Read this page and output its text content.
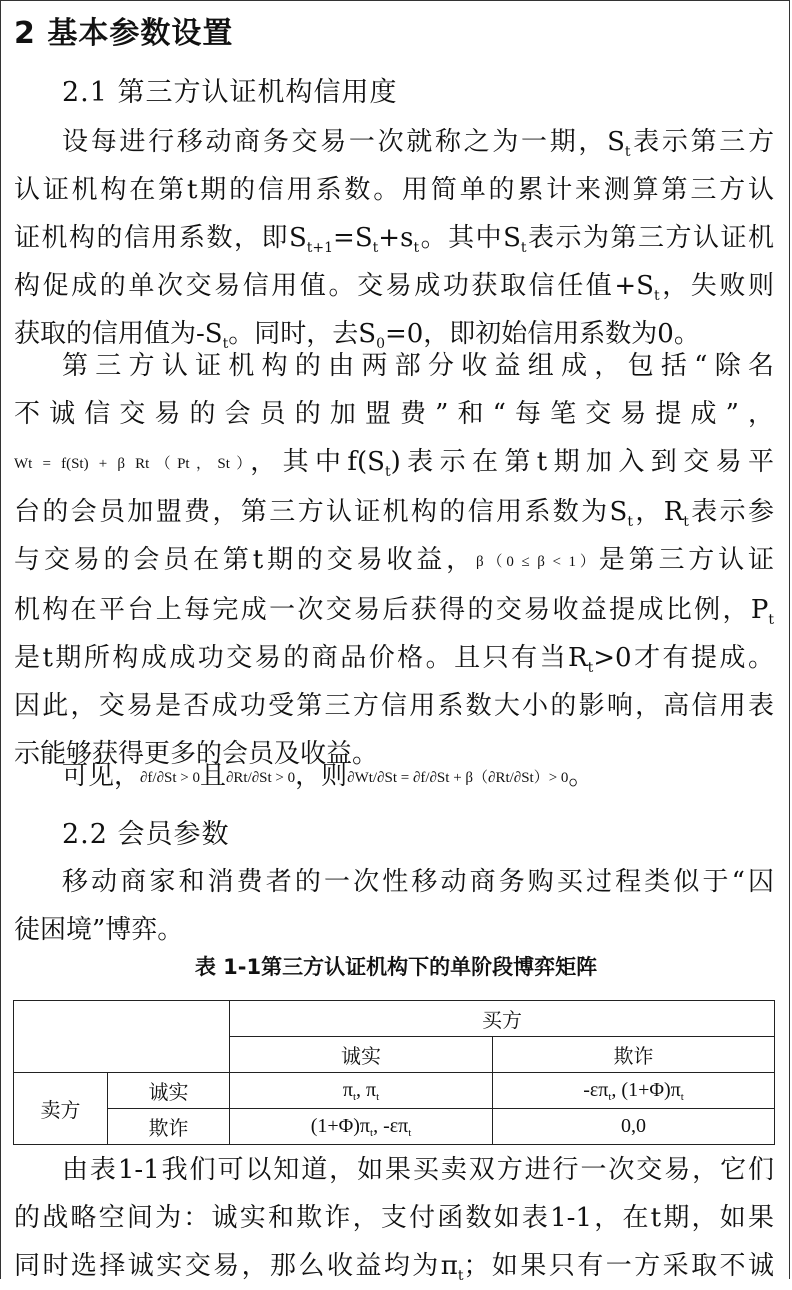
2 基本参数设置
2.1 第三方认证机构信用度

设每进行移动商务交易一次就称之为一期，$S_t$表示第三方

认证机构在第t期的信用系数。用简单的累计来测算第三方认

证机构的信用系数，即$S_{t+1}=S_t+s_t$。其中$S_t$表示为第三方认证机

构促成的单次交易信用值。交易成功获取信任值$+S_t$，失败则

获取的信用值为$-S_t$。同时，去$S_0=0$，即初始信用系数为0。

第三方认证机构的由两部分收益组成，包括“除名

不诚信交易的会员的加盟费”和“每笔交易提成”，

Wt = f(St) + β Rt（Pt，St），其中$f(S_t)$表示在第t期加入到交易平

台的会员加盟费，第三方认证机构的信用系数为$S_t$，$R_t$表示参

与交易的会员在第t期的交易收益，β（0 ≤ β < 1）是第三方认证

机构在平台上每完成一次交易后获得的交易收益提成比例，$P_t$

是t期所构成成功交易的商品价格。且只有当$R_t>0$才有提成。

因此，交易是否成功受第三方信用系数大小的影响，高信用表

示能够获得更多的会员及收益。

可见，∂f/∂St > 0且∂Rt/∂St > 0，则∂Wt/∂St = ∂f/∂St + β（∂Rt/∂St）> 0。

2.2 会员参数

移动商家和消费者的一次性移动商务购买过程类似于“囚

徒困境”博弈。

表 1-1第三方认证机构下的单阶段博弈矩阵
		买方	
		诚实	欺诈
卖方	诚实	$\pi_t$, $\pi_t$	$-\varepsilon\pi_t$, $(1+\Phi)\pi_t$
	欺诈	$(1+\Phi)\pi_t$, $-\varepsilon\pi_t$	0,0

由表1-1我们可以知道，如果买卖双方进行一次交易，它们

的战略空间为：诚实和欺诈，支付函数如表1-1，在t期，如果

同时选择诚实交易，那么收益均为$\pi_t$；如果只有一方采取不诚
